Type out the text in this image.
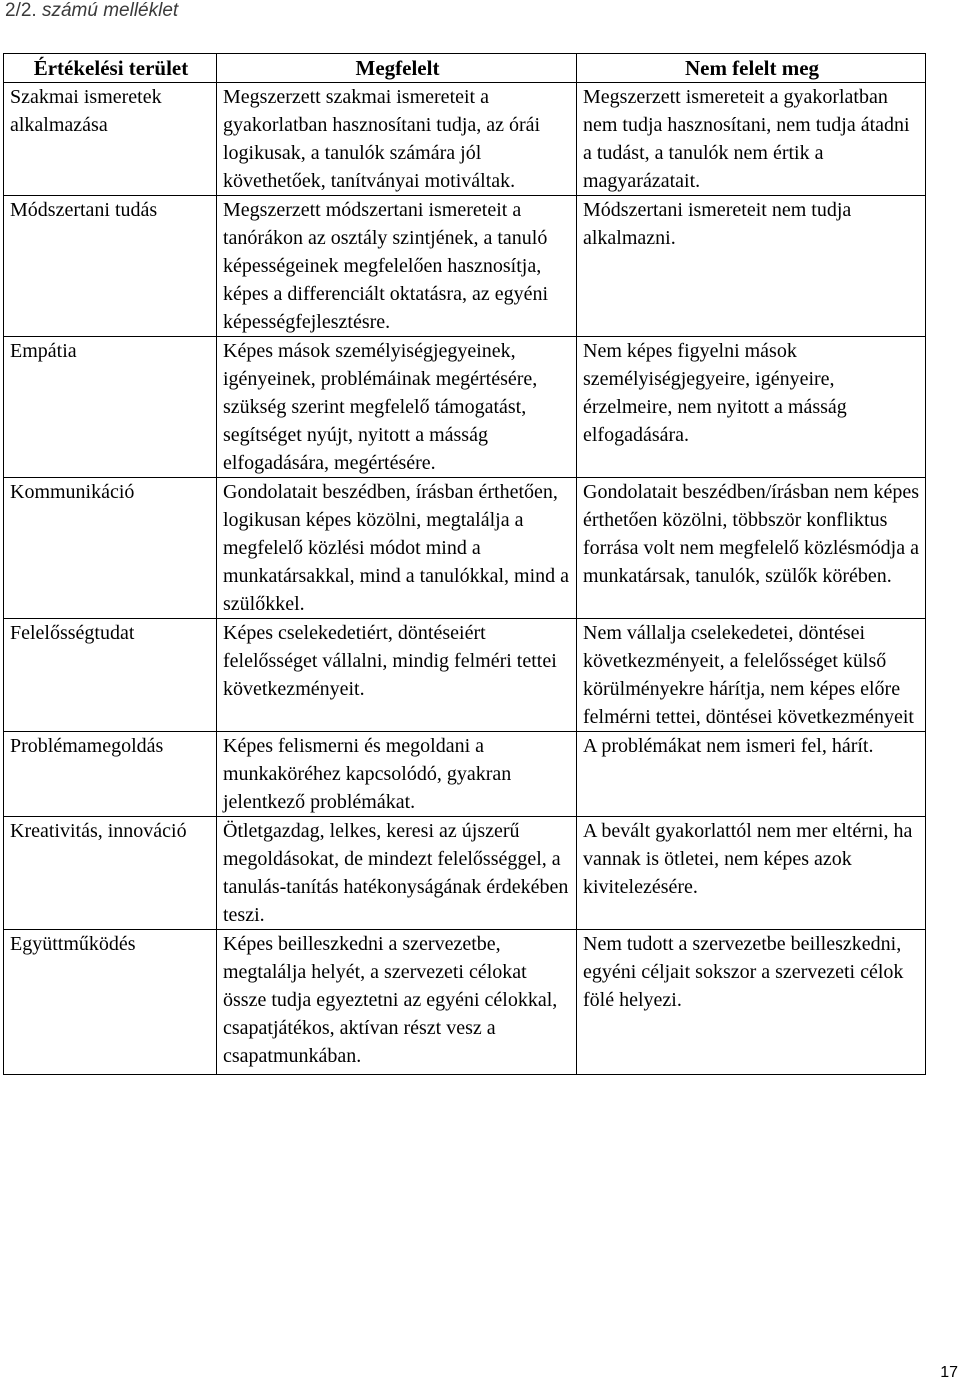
2/2. számú melléklet
Értékelési terület	Megfelelt	Nem felelt meg
Szakmai ismeretek alkalmazása	Megszerzett szakmai ismereteit a gyakorlatban hasznosítani tudja, az órái logikusak, a tanulók számára jól követhetőek, tanítványai motiváltak.	Megszerzett ismereteit a gyakorlatban nem tudja hasznosítani, nem tudja átadni a tudást, a tanulók nem értik a magyarázatait.
Módszertani tudás	Megszerzett módszertani ismereteit a tanórákon az osztály szintjének, a tanuló képességeinek megfelelően hasznosítja, képes a differenciált oktatásra, az egyéni képességfejlesztésre.	Módszertani ismereteit nem tudja alkalmazni.
Empátia	Képes mások személyiségjegyeinek, igényeinek, problémáinak megértésére, szükség szerint megfelelő támogatást, segítséget nyújt, nyitott a másság elfogadására, megértésére.	Nem képes figyelni mások személyiségjegyeire, igényeire, érzelmeire, nem nyitott a másság elfogadására.
Kommunikáció	Gondolatait beszédben, írásban érthetően, logikusan képes közölni, megtalálja a megfelelő közlési módot mind a munkatársakkal, mind a tanulókkal, mind a szülőkkel.	Gondolatait beszédben/írásban nem képes érthetően közölni, többször konfliktus forrása volt nem megfelelő közlésmódja a munkatársak, tanulók, szülők körében.
Felelősségtudat	Képes cselekedetiért, döntéseiért felelősséget vállalni, mindig felméri tettei következményeit.	Nem vállalja cselekedetei, döntései következményeit, a felelősséget külső körülményekre hárítja, nem képes előre felmérni tettei, döntései következményeit
Problémamegoldás	Képes felismerni és megoldani a munkaköréhez kapcsolódó, gyakran jelentkező problémákat.	A problémákat nem ismeri fel, hárít.
Kreativitás, innováció	Ötletgazdag, lelkes, keresi az újszerű megoldásokat, de mindezt felelősséggel, a tanulás-tanítás hatékonyságának érdekében teszi.	A bevált gyakorlattól nem mer eltérni, ha vannak is ötletei, nem képes azok kivitelezésére.
Együttműködés	Képes beilleszkedni a szervezetbe, megtalálja helyét, a szervezeti célokat össze tudja egyeztetni az egyéni célokkal, csapatjátékos, aktívan részt vesz a csapatmunkában.	Nem tudott a szervezetbe beilleszkedni, egyéni céljait sokszor a szervezeti célok fölé helyezi.
17
